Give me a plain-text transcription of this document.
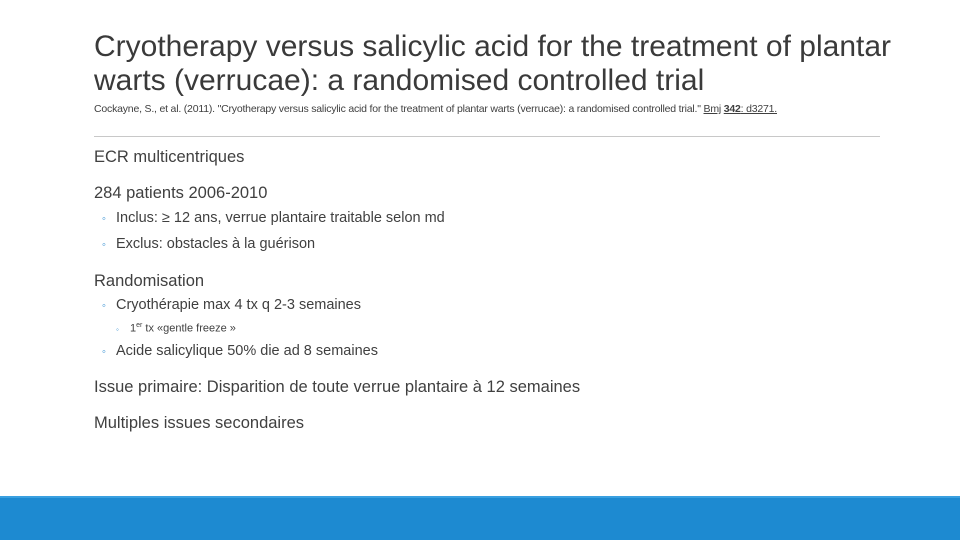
Cryotherapy versus salicylic acid for the treatment of plantar warts (verrucae): a randomised controlled trial
Cockayne, S., et al. (2011). "Cryotherapy versus salicylic acid for the treatment of plantar warts (verrucae): a randomised controlled trial." Bmj 342: d3271.
ECR multicentriques
284 patients 2006-2010
◦ Inclus: ≥ 12 ans, verrue plantaire traitable selon md
◦ Exclus: obstacles à la guérison
Randomisation
◦ Cryothérapie max 4 tx q 2-3 semaines
◦ 1er tx «gentle freeze »
◦ Acide salicylique 50% die ad 8 semaines
Issue primaire: Disparition de toute verrue plantaire à 12 semaines
Multiples issues secondaires
